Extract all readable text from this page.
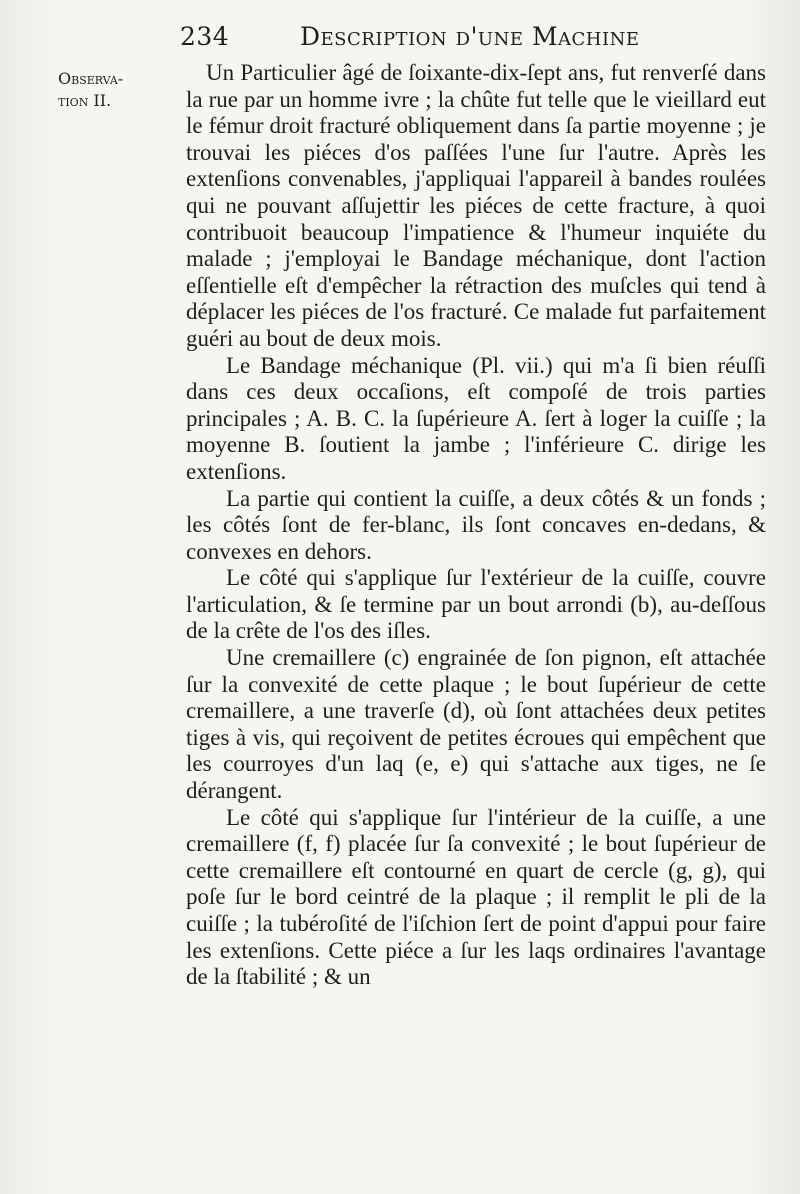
234	Description d'une Machine
Observa-
tion II.

Un Particulier âgé de ſoixante-dix-ſept ans, fut renverſé dans la rue par un homme ivre ; la chûte fut telle que le vieillard eut le fémur droit fracturé obliquement dans ſa partie moyenne ; je trouvai les piéces d'os paſſées l'une ſur l'autre. Après les extenſions convenables, j'appliquai l'appareil à bandes roulées qui ne pouvant aſſujettir les piéces de cette fracture, à quoi contribuoit beaucoup l'impatience & l'humeur inquiéte du malade ; j'employai le Bandage méchanique, dont l'action eſſentielle eſt d'empêcher la rétraction des muſcles qui tend à déplacer les piéces de l'os fracturé. Ce malade fut parfaitement guéri au bout de deux mois.

Le Bandage méchanique (Pl. vii.) qui m'a ſi bien réuſſi dans ces deux occaſions, eſt compoſé de trois parties principales ; A. B. C. la ſupérieure A. ſert à loger la cuiſſe ; la moyenne B. ſoutient la jambe ; l'inférieure C. dirige les extenſions.

La partie qui contient la cuiſſe, a deux côtés & un fonds ; les côtés ſont de fer-blanc, ils ſont concaves en-dedans, & convexes en dehors.

Le côté qui s'applique ſur l'extérieur de la cuiſſe, couvre l'articulation, & ſe termine par un bout arrondi (b), au-deſſous de la crête de l'os des iſles.

Une cremaillere (c) engrainée de ſon pignon, eſt attachée ſur la convexité de cette plaque ; le bout ſupérieur de cette cremaillere, a une traverſe (d), où ſont attachées deux petites tiges à vis, qui reçoivent de petites écroues qui empêchent que les courroyes d'un laq (e, e) qui s'attache aux tiges, ne ſe dérangent.

Le côté qui s'applique ſur l'intérieur de la cuiſſe, a une cremaillere (f, f) placée ſur ſa convexité ; le bout ſupérieur de cette cremaillere eſt contourné en quart de cercle (g, g), qui poſe ſur le bord ceintré de la plaque ; il remplit le pli de la cuiſſe ; la tubéroſité de l'iſchion ſert de point d'appui pour faire les extenſions. Cette piéce a ſur les laqs ordinaires l'avantage de la ſtabilité ; & un
